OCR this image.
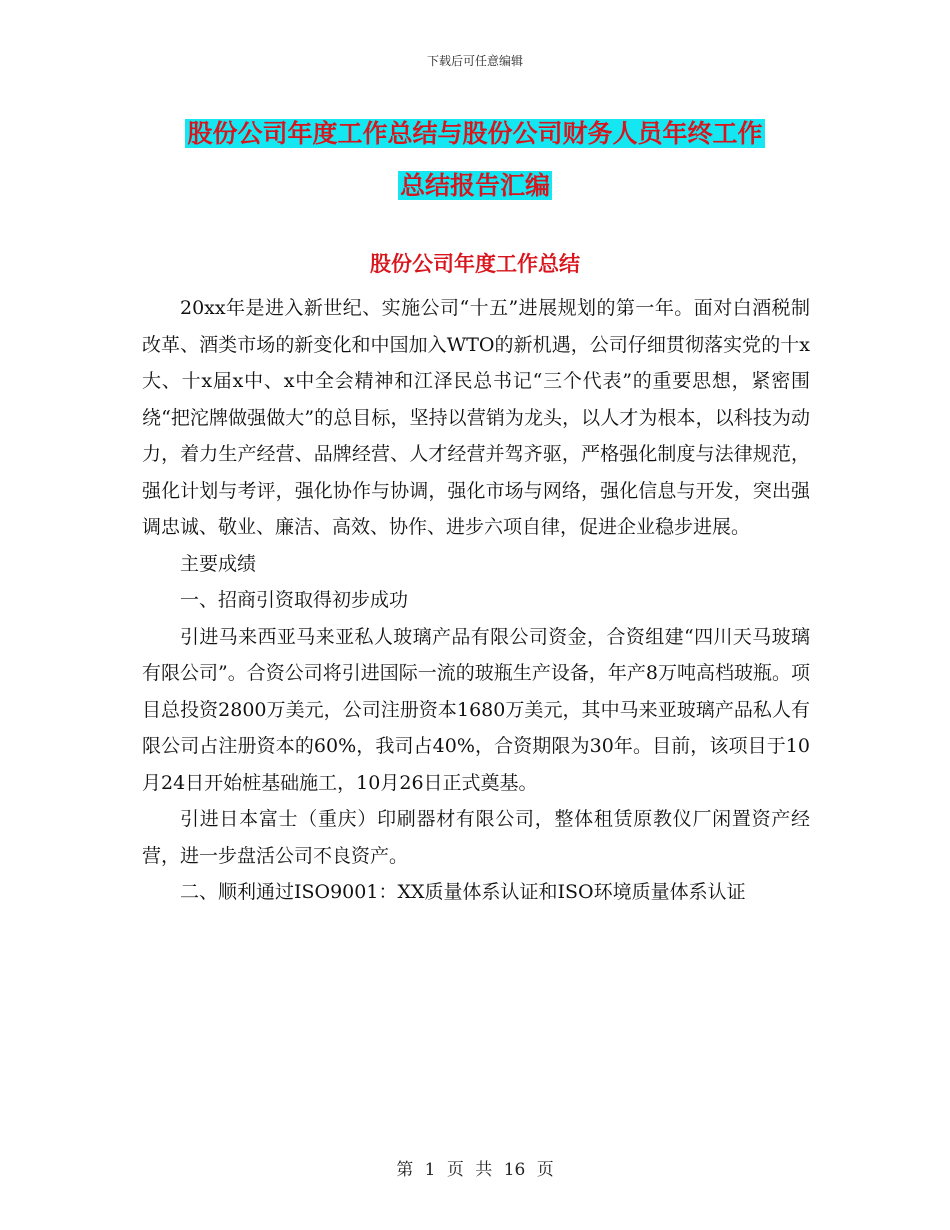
下载后可任意编辑
股份公司年度工作总结与股份公司财务人员年终工作
总结报告汇编
股份公司年度工作总结

20xx年是进入新世纪、实施公司“十五”进展规划的第一年。面对白酒税制改革、酒类市场的新变化和中国加入WTO的新机遇，公司仔细贯彻落实党的十x大、十x届x中、x中全会精神和江泽民总书记“三个代表”的重要思想，紧密围绕“把沱牌做强做大”的总目标，坚持以营销为龙头，以人才为根本，以科技为动力，着力生产经营、品牌经营、人才经营并驾齐驱，严格强化制度与法律规范，强化计划与考评，强化协作与协调，强化市场与网络，强化信息与开发，突出强调忠诚、敬业、廉洁、高效、协作、进步六项自律，促进企业稳步进展。

主要成绩

一、招商引资取得初步成功

引进马来西亚马来亚私人玻璃产品有限公司资金，合资组建“四川天马玻璃有限公司”。合资公司将引进国际一流的玻瓶生产设备，年产8万吨高档玻瓶。项目总投资2800万美元，公司注册资本1680万美元，其中马来亚玻璃产品私人有限公司占注册资本的60%，我司占40%，合资期限为30年。目前，该项目于10月24日开始桩基础施工，10月26日正式奠基。

引进日本富士（重庆）印刷器材有限公司，整体租赁原教仪厂闲置资产经营，进一步盘活公司不良资产。

二、顺利通过ISO9001：XX质量体系认证和ISO环境质量体系认证

第 1 页 共 16 页
